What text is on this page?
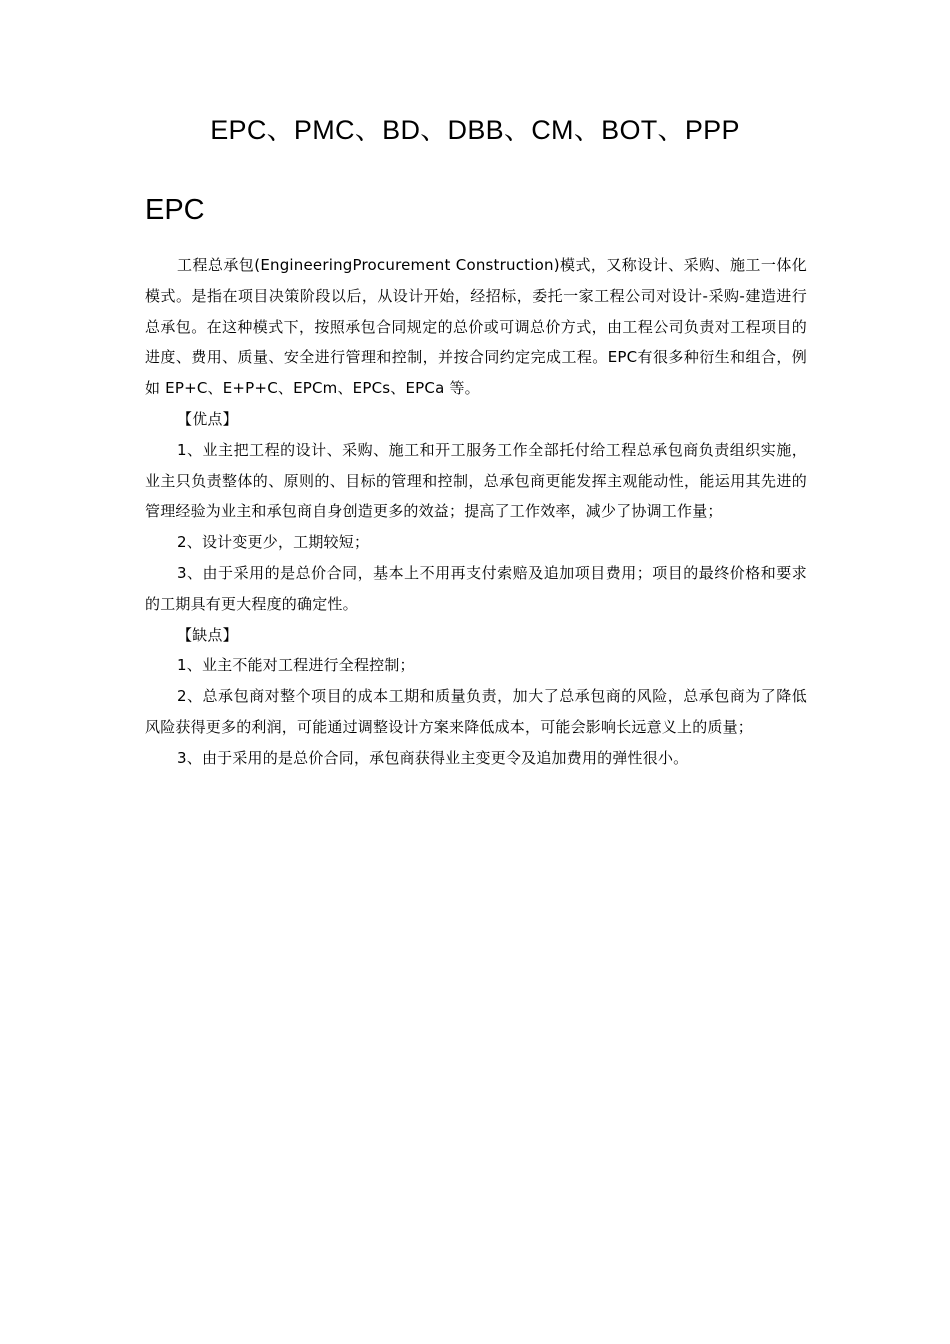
EPC、PMC、BD、DBB、CM、BOT、PPP
EPC

工程总承包(EngineeringProcurement Construction)模式，又称设计、采购、施工一体化模式。是指在项目决策阶段以后，从设计开始，经招标，委托一家工程公司对设计-采购-建造进行总承包。在这种模式下，按照承包合同规定的总价或可调总价方式，由工程公司负责对工程项目的进度、费用、质量、安全进行管理和控制，并按合同约定完成工程。EPC有很多种衍生和组合，例如 EP+C、E+P+C、EPCm、EPCs、EPCa 等。

【优点】

1、业主把工程的设计、采购、施工和开工服务工作全部托付给工程总承包商负责组织实施，业主只负责整体的、原则的、目标的管理和控制，总承包商更能发挥主观能动性，能运用其先进的管理经验为业主和承包商自身创造更多的效益；提高了工作效率，减少了协调工作量；

2、设计变更少，工期较短；

3、由于采用的是总价合同，基本上不用再支付索赔及追加项目费用；项目的最终价格和要求的工期具有更大程度的确定性。

【缺点】

1、业主不能对工程进行全程控制；

2、总承包商对整个项目的成本工期和质量负责，加大了总承包商的风险，总承包商为了降低风险获得更多的利润，可能通过调整设计方案来降低成本，可能会影响长远意义上的质量；

3、由于采用的是总价合同，承包商获得业主变更令及追加费用的弹性很小。
